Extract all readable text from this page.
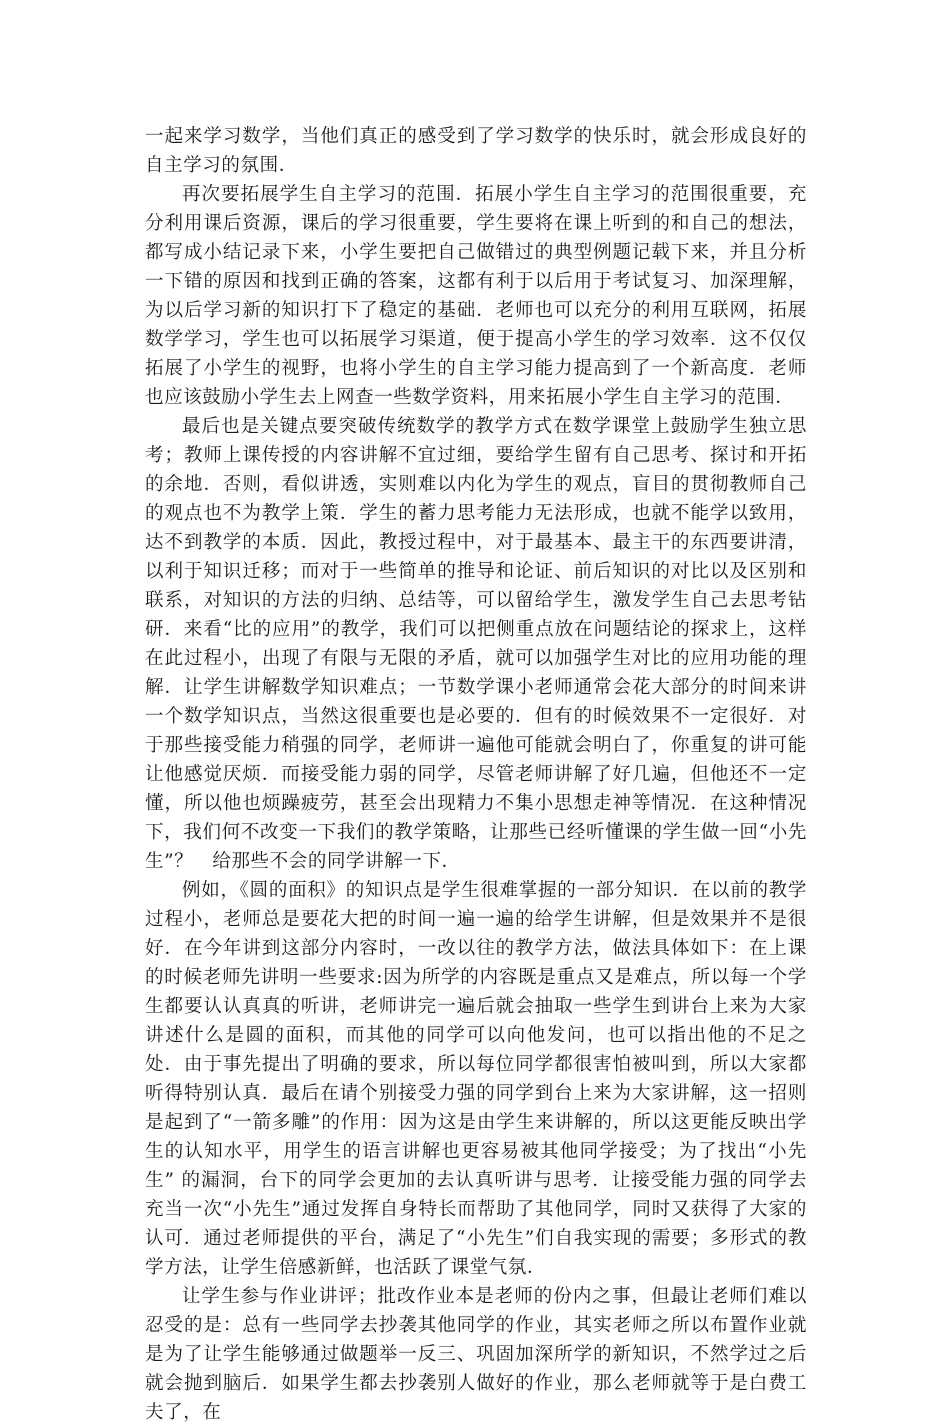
一起来学习数学，当他们真正的感受到了学习数学的快乐时，就会形成良好的自主学习的氛围．

再次要拓展学生自主学习的范围．拓展小学生自主学习的范围很重要，充分利用课后资源，课后的学习很重要，学生要将在课上听到的和自己的想法，都写成小结记录下来，小学生要把自己做错过的典型例题记载下来，并且分析一下错的原因和找到正确的答案，这都有利于以后用于考试复习、加深理解，为以后学习新的知识打下了稳定的基础．老师也可以充分的利用互联网，拓展数学学习，学生也可以拓展学习渠道，便于提高小学生的学习效率．这不仅仅拓展了小学生的视野，也将小学生的自主学习能力提高到了一个新高度．老师也应该鼓励小学生去上网查一些数学资料，用来拓展小学生自主学习的范围．

最后也是关键点要突破传统数学的教学方式在数学课堂上鼓励学生独立思考；教师上课传授的内容讲解不宜过细，要给学生留有自己思考、探讨和开拓的余地．否则，看似讲透，实则难以内化为学生的观点，盲目的贯彻教师自己的观点也不为教学上策．学生的蓄力思考能力无法形成，也就不能学以致用，达不到教学的本质．因此，教授过程中，对于最基本、最主干的东西要讲清，以利于知识迁移；而对于一些简单的推导和论证、前后知识的对比以及区别和联系，对知识的方法的归纳、总结等，可以留给学生，激发学生自己去思考钻研．来看“比的应用”的教学，我们可以把侧重点放在问题结论的探求上，这样在此过程小，出现了有限与无限的矛盾，就可以加强学生对比的应用功能的理解．让学生讲解数学知识难点；一节数学课小老师通常会花大部分的时间来讲一个数学知识点，当然这很重要也是必要的．但有的时候效果不一定很好．对于那些接受能力稍强的同学，老师讲一遍他可能就会明白了，你重复的讲可能让他感觉厌烦．而接受能力弱的同学，尽管老师讲解了好几遍，但他还不一定懂，所以他也烦躁疲劳，甚至会出现精力不集小思想走神等情况．在这种情况下，我们何不改变一下我们的教学策略，让那些已经听懂课的学生做一回“小先生”？　给那些不会的同学讲解一下．

例如，《圆的面积》的知识点是学生很难掌握的一部分知识．在以前的教学过程小，老师总是要花大把的时间一遍一遍的给学生讲解，但是效果并不是很好．在今年讲到这部分内容时，一改以往的教学方法，做法具体如下：在上课的时候老师先讲明一些要求:因为所学的内容既是重点又是难点，所以每一个学生都要认认真真的听讲，老师讲完一遍后就会抽取一些学生到讲台上来为大家讲述什么是圆的面积，而其他的同学可以向他发问，也可以指出他的不足之处．由于事先提出了明确的要求，所以每位同学都很害怕被叫到，所以大家都听得特别认真．最后在请个别接受力强的同学到台上来为大家讲解，这一招则是起到了“一箭多雕”的作用：因为这是由学生来讲解的，所以这更能反映出学生的认知水平，用学生的语言讲解也更容易被其他同学接受；为了找出“小先生” 的漏洞，台下的同学会更加的去认真听讲与思考．让接受能力强的同学去充当一次“小先生”通过发挥自身特长而帮助了其他同学，同时又获得了大家的认可．通过老师提供的平台，满足了“小先生”们自我实现的需要；多形式的教学方法，让学生倍感新鲜，也活跃了课堂气氛．

让学生参与作业讲评；批改作业本是老师的份内之事，但最让老师们难以忍受的是：总有一些同学去抄袭其他同学的作业，其实老师之所以布置作业就是为了让学生能够通过做题举一反三、巩固加深所学的新知识，不然学过之后就会抛到脑后．如果学生都去抄袭别人做好的作业，那么老师就等于是白费工夫了，在
